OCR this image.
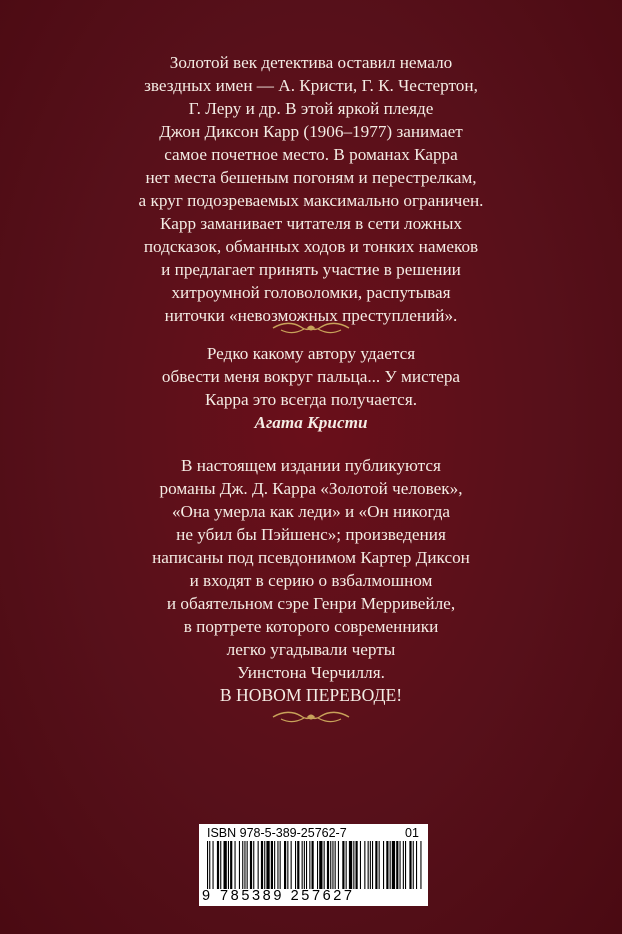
Золотой век детектива оставил немало

звездных имен — А. Кристи, Г. К. Честертон,

Г. Леру и др. В этой яркой плеяде

Джон Диксон Карр (1906–1977) занимает

самое почетное место. В романах Карра

нет места бешеным погоням и перестрелкам,

а круг подозреваемых максимально ограничен.

Карр заманивает читателя в сети ложных

подсказок, обманных ходов и тонких намеков

и предлагает принять участие в решении

хитроумной головоломки, распутывая

ниточки «невозможных преступлений».

Редко какому автору удается

обвести меня вокруг пальца... У мистера

Карра это всегда получается.

Агата Кристи

В настоящем издании публикуются

романы Дж. Д. Карра «Золотой человек»,

«Она умерла как леди» и «Он никогда

не убил бы Пэйшенс»; произведения

написаны под псевдонимом Картер Диксон

и входят в серию о взбалмошном

и обаятельном сэре Генри Мерривейле,

в портрете которого современники

легко угадывали черты

Уинстона Черчилля.

В НОВОМ ПЕРЕВОДЕ!

ISBN 978-5-389-25762-7	01
9 785389 257627
